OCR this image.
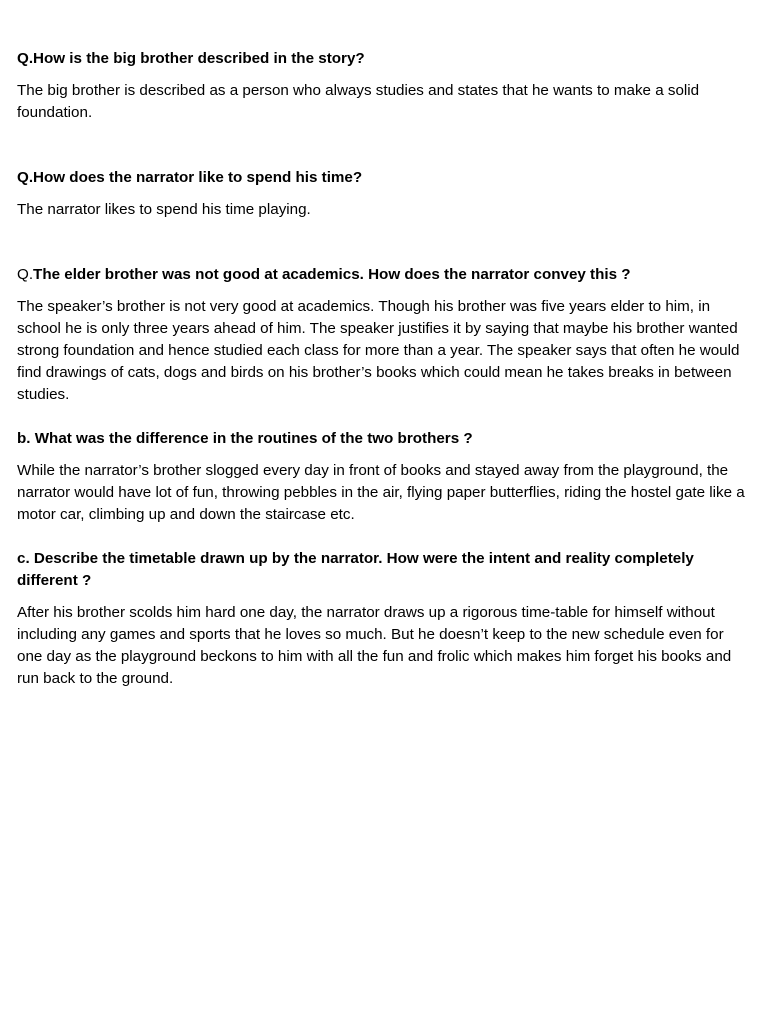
Q.How is the big brother described in the story?

The big brother is described as a person who always studies and states that he wants to make a solid foundation.

Q.How does the narrator like to spend his time?

The narrator likes to spend his time playing.

Q.The elder brother was not good at academics. How does the narrator convey this ?

The speaker’s brother is not very good at academics. Though his brother was five years elder to him, in school he is only three years ahead of him. The speaker justifies it by saying that maybe his brother wanted strong foundation and hence studied each class for more than a year. The speaker says that often he would find drawings of cats, dogs and birds on his brother’s books which could mean he takes breaks in between studies.

b. What was the difference in the routines of the two brothers ?

While the narrator’s brother slogged every day in front of books and stayed away from the playground, the narrator would have lot of fun, throwing pebbles in the air, flying paper butterflies, riding the hostel gate like a motor car, climbing up and down the staircase etc.

c. Describe the timetable drawn up by the narrator. How were the intent and reality completely different ?

After his brother scolds him hard one day, the narrator draws up a rigorous time-table for himself without including any games and sports that he loves so much. But he doesn’t keep to the new schedule even for one day as the playground beckons to him with all the fun and frolic which makes him forget his books and run back to the ground.
